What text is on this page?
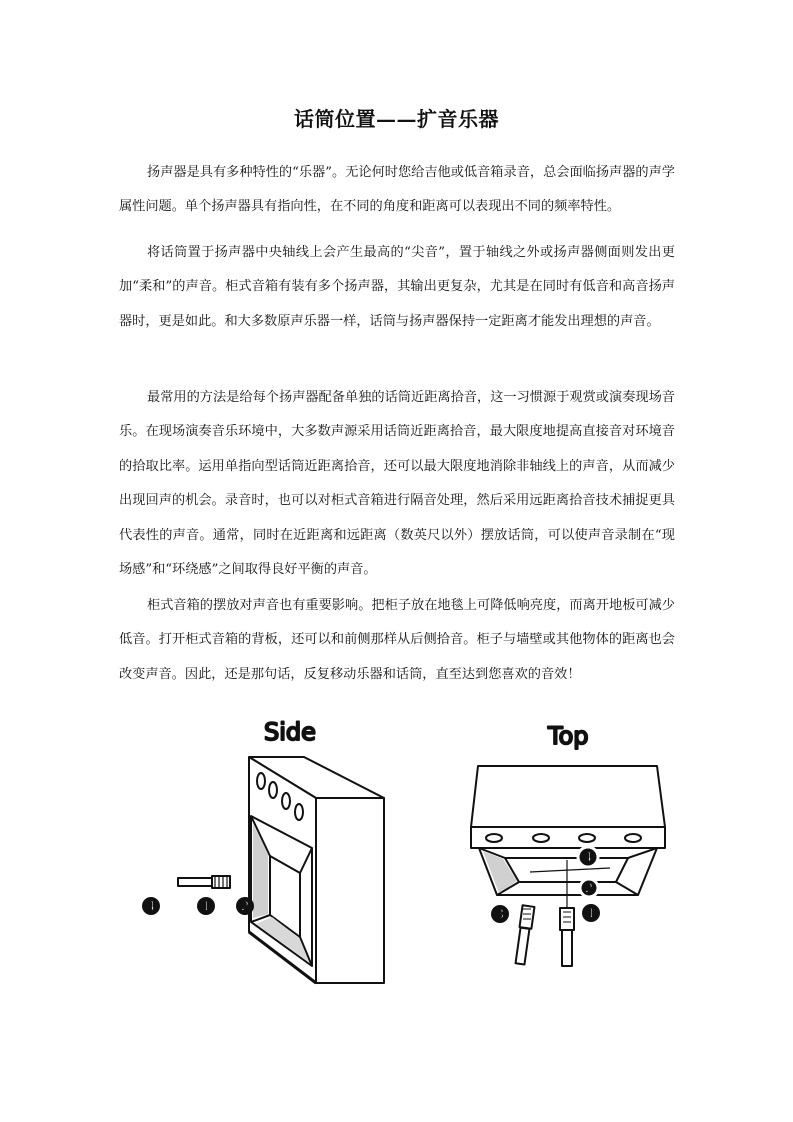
话筒位置——扩音乐器

扬声器是具有多种特性的“乐器”。无论何时您给吉他或低音箱录音，总会面临扬声器的声学属性问题。单个扬声器具有指向性，在不同的角度和距离可以表现出不同的频率特性。

将话筒置于扬声器中央轴线上会产生最高的“尖音”，置于轴线之外或扬声器侧面则发出更加“柔和”的声音。柜式音箱有装有多个扬声器，其输出更复杂，尤其是在同时有低音和高音扬声器时，更是如此。和大多数原声乐器一样，话筒与扬声器保持一定距离才能发出理想的声音。

最常用的方法是给每个扬声器配备单独的话筒近距离拾音，这一习惯源于观赏或演奏现场音乐。在现场演奏音乐环境中，大多数声源采用话筒近距离拾音，最大限度地提高直接音对环境音的拾取比率。运用单指向型话筒近距离拾音，还可以最大限度地消除非轴线上的声音，从而减少出现回声的机会。录音时，也可以对柜式音箱进行隔音处理，然后采用远距离拾音技术捕捉更具代表性的声音。通常，同时在近距离和远距离（数英尺以外）摆放话筒，可以使声音录制在“现场感”和“环绕感”之间取得良好平衡的声音。

柜式音箱的摆放对声音也有重要影响。把柜子放在地毯上可降低响亮度，而离开地板可减少低音。打开柜式音箱的背板，还可以和前侧那样从后侧拾音。柜子与墙壁或其他物体的距离也会改变声音。因此，还是那句话，反复移动乐器和话筒，直至达到您喜欢的音效！

Side
4	1 2
Top
3	1
4
2
